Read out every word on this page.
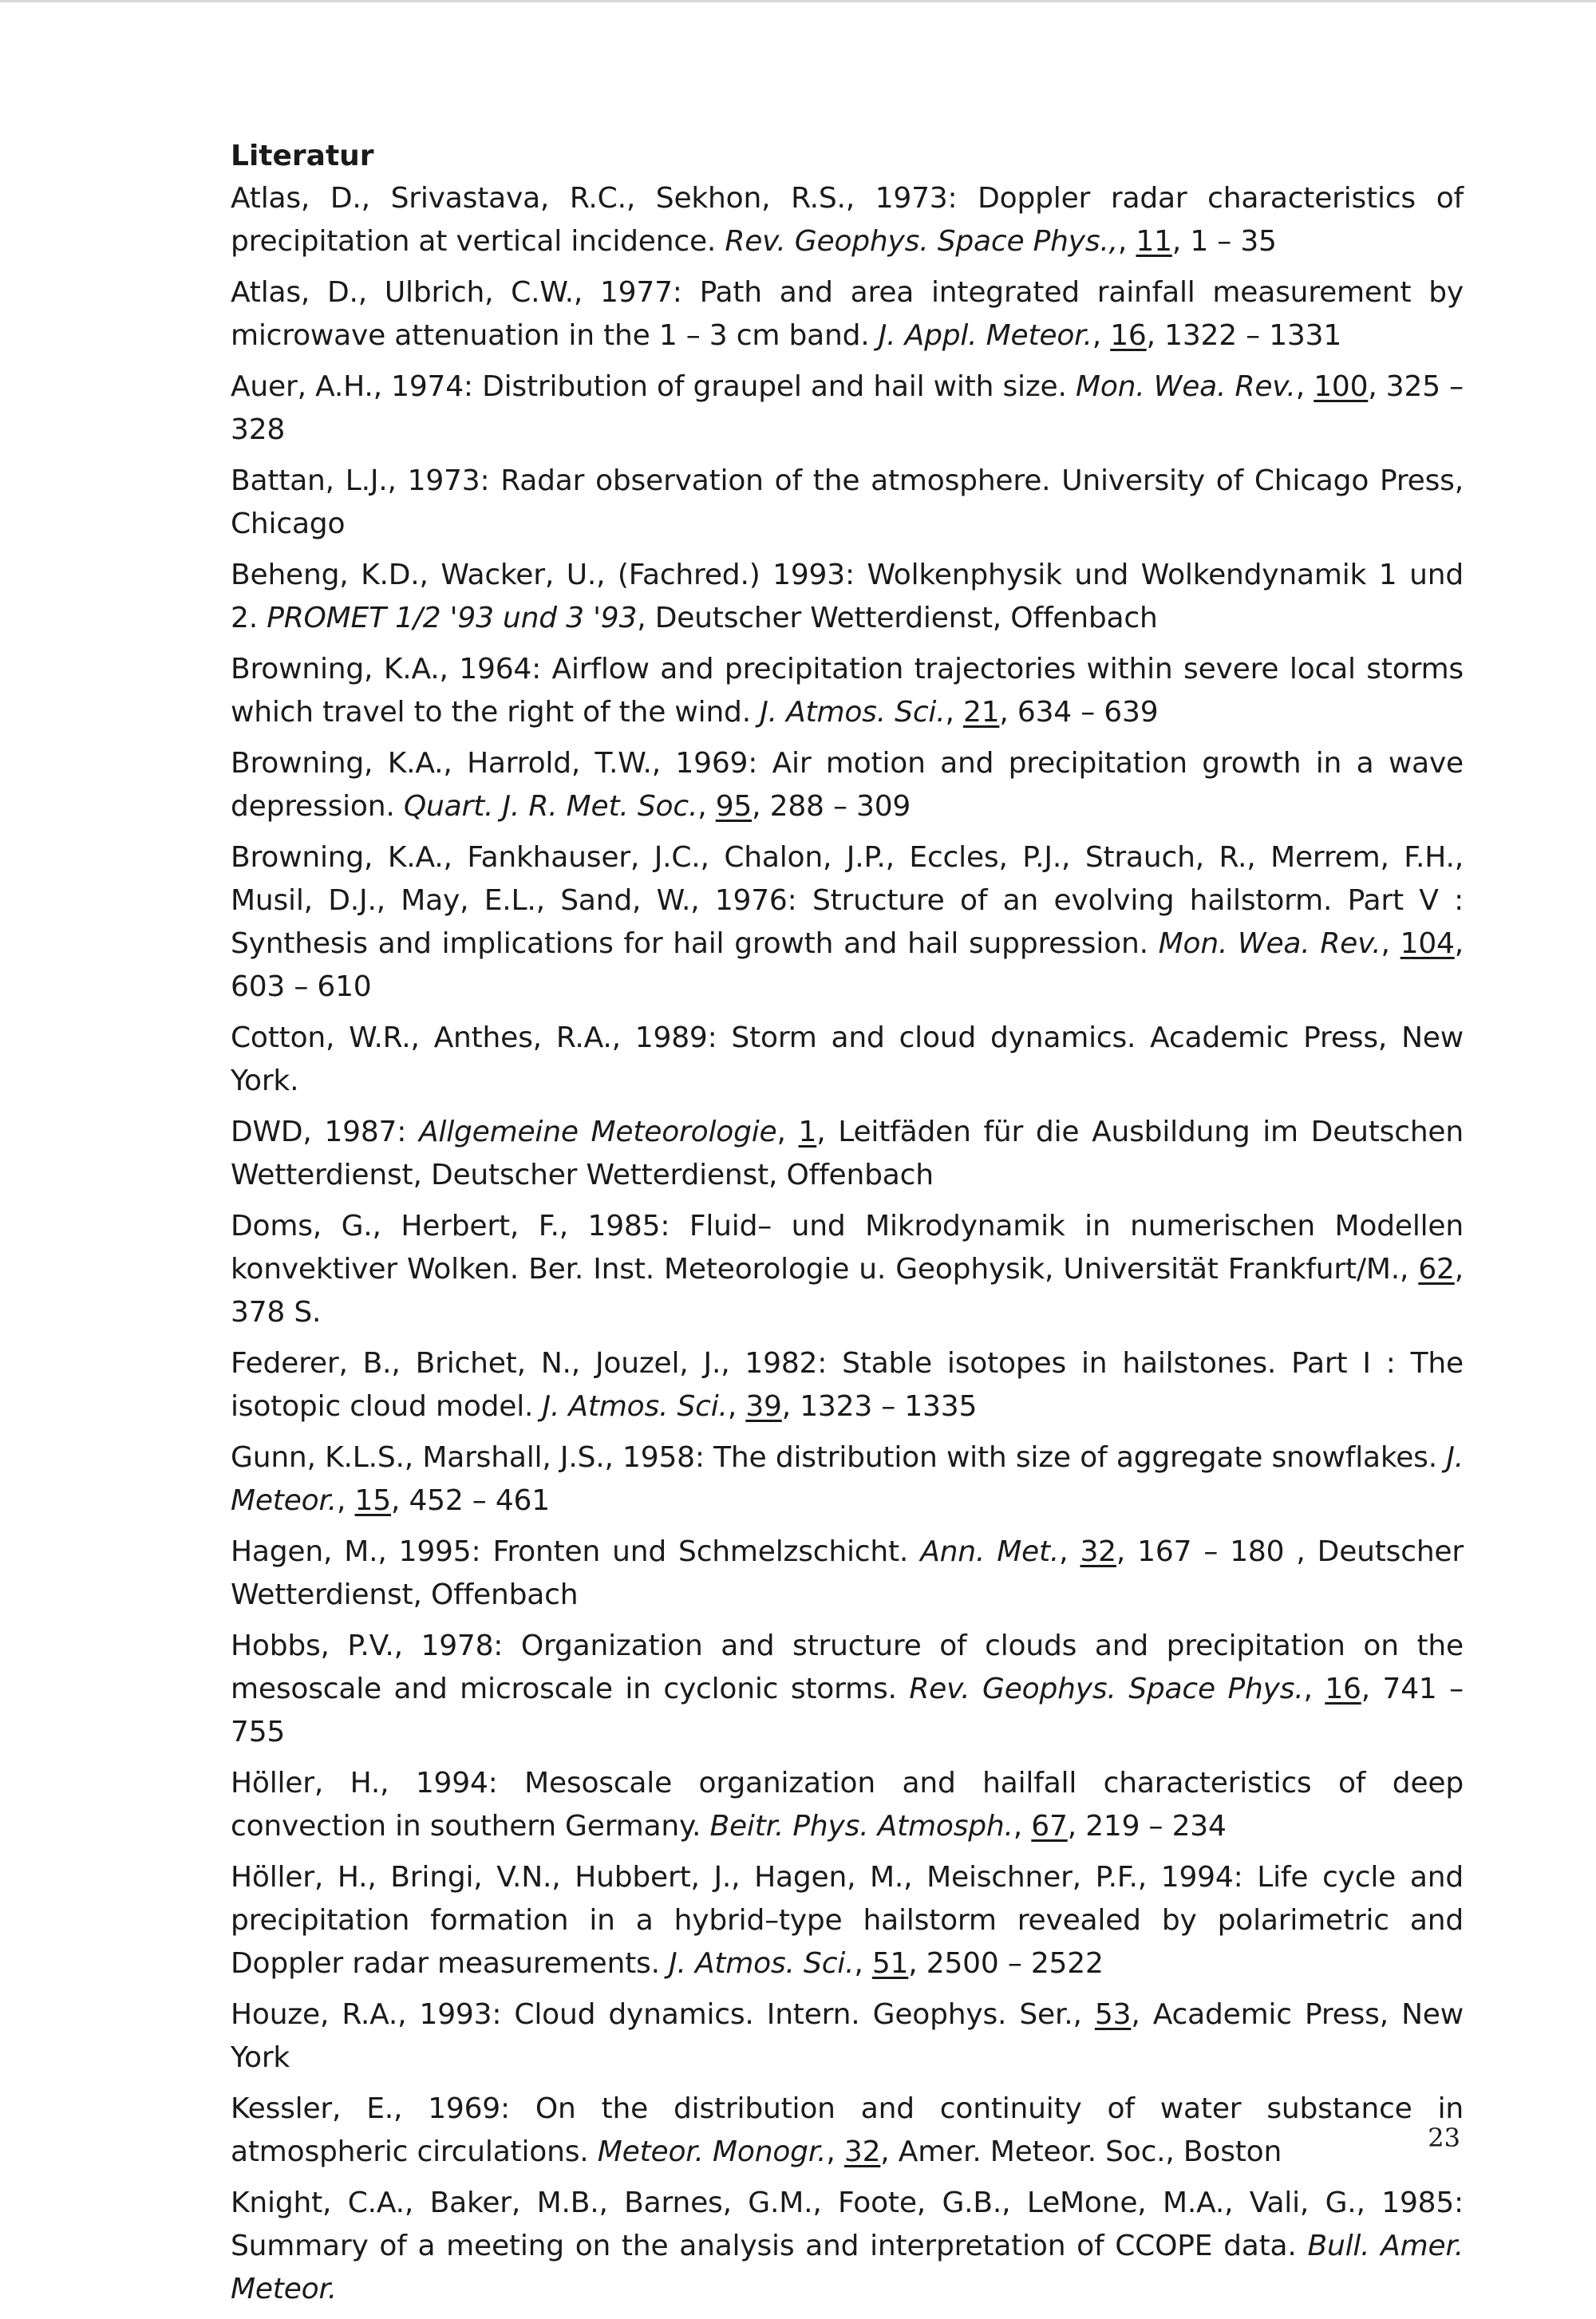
Literatur

Atlas, D., Srivastava, R.C., Sekhon, R.S., 1973: Doppler radar characteristics of precipitation at vertical incidence. Rev. Geophys. Space Phys.,, 11, 1 – 35

Atlas, D., Ulbrich, C.W., 1977: Path and area integrated rainfall measurement by microwave attenuation in the 1 – 3 cm band. J. Appl. Meteor., 16, 1322 – 1331

Auer, A.H., 1974: Distribution of graupel and hail with size. Mon. Wea. Rev., 100, 325 – 328

Battan, L.J., 1973: Radar observation of the atmosphere. University of Chicago Press, Chicago

Beheng, K.D., Wacker, U., (Fachred.) 1993: Wolkenphysik und Wolkendynamik 1 und 2. PROMET 1/2 '93 und 3 '93, Deutscher Wetterdienst, Offenbach

Browning, K.A., 1964: Airflow and precipitation trajectories within severe local storms which travel to the right of the wind. J. Atmos. Sci., 21, 634 – 639

Browning, K.A., Harrold, T.W., 1969: Air motion and precipitation growth in a wave depression. Quart. J. R. Met. Soc., 95, 288 – 309

Browning, K.A., Fankhauser, J.C., Chalon, J.P., Eccles, P.J., Strauch, R., Merrem, F.H., Musil, D.J., May, E.L., Sand, W., 1976: Structure of an evolving hailstorm. Part V : Synthesis and implications for hail growth and hail suppression. Mon. Wea. Rev., 104, 603 – 610

Cotton, W.R., Anthes, R.A., 1989: Storm and cloud dynamics. Academic Press, New York.

DWD, 1987: Allgemeine Meteorologie, 1, Leitfäden für die Ausbildung im Deutschen Wetterdienst, Deutscher Wetterdienst, Offenbach

Doms, G., Herbert, F., 1985: Fluid– und Mikrodynamik in numerischen Modellen konvektiver Wolken. Ber. Inst. Meteorologie u. Geophysik, Universität Frankfurt/M., 62, 378 S.

Federer, B., Brichet, N., Jouzel, J., 1982: Stable isotopes in hailstones. Part I : The isotopic cloud model. J. Atmos. Sci., 39, 1323 – 1335

Gunn, K.L.S., Marshall, J.S., 1958: The distribution with size of aggregate snowflakes. J. Meteor., 15, 452 – 461

Hagen, M., 1995: Fronten und Schmelzschicht. Ann. Met., 32, 167 – 180 , Deutscher Wetterdienst, Offenbach

Hobbs, P.V., 1978: Organization and structure of clouds and precipitation on the mesoscale and microscale in cyclonic storms. Rev. Geophys. Space Phys., 16, 741 – 755

Höller, H., 1994: Mesoscale organization and hailfall characteristics of deep convection in southern Germany. Beitr. Phys. Atmosph., 67, 219 – 234

Höller, H., Bringi, V.N., Hubbert, J., Hagen, M., Meischner, P.F., 1994: Life cycle and precipitation formation in a hybrid–type hailstorm revealed by polarimetric and Doppler radar measurements. J. Atmos. Sci., 51, 2500 – 2522

Houze, R.A., 1993: Cloud dynamics. Intern. Geophys. Ser., 53, Academic Press, New York

Kessler, E., 1969: On the distribution and continuity of water substance in atmospheric circulations. Meteor. Monogr., 32, Amer. Meteor. Soc., Boston

Knight, C.A., Baker, M.B., Barnes, G.M., Foote, G.B., LeMone, M.A., Vali, G., 1985: Summary of a meeting on the analysis and interpretation of CCOPE data. Bull. Amer. Meteor.

23
